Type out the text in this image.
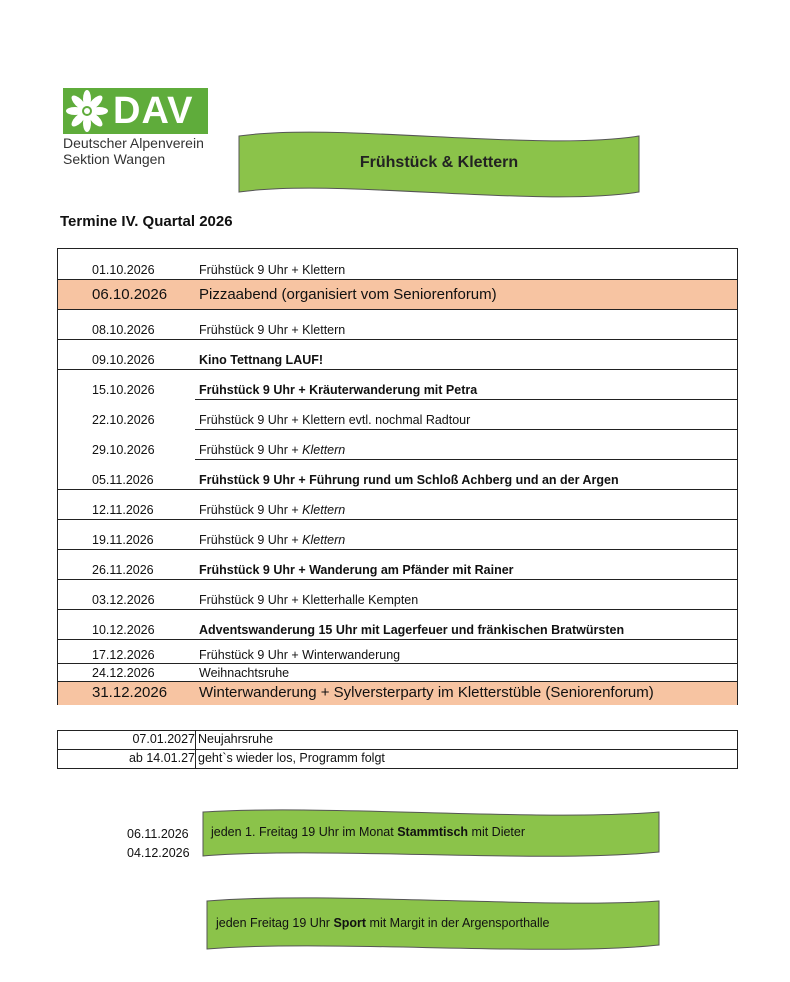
DAV
Deutscher Alpenverein
Sektion Wangen	Frühstück & Klettern
Termine IV. Quartal 2026
01.10.2026	Frühstück 9 Uhr + Klettern
06.10.2026 Pizzaabend (organisiert vom Seniorenforum)
08.10.2026	Frühstück 9 Uhr + Klettern
09.10.2026	Kino Tettnang LAUF!
15.10.2026	Frühstück 9 Uhr + Kräuterwanderung mit Petra
22.10.2026	Frühstück 9 Uhr + Klettern evtl. nochmal Radtour
29.10.2026	Frühstück 9 Uhr + Klettern
05.11.2026	Frühstück 9 Uhr + Führung rund um Schloß Achberg und an der Argen
12.11.2026	Frühstück 9 Uhr + Klettern
19.11.2026	Frühstück 9 Uhr + Klettern
26.11.2026	Frühstück 9 Uhr + Wanderung am Pfänder mit Rainer
03.12.2026	Frühstück 9 Uhr + Kletterhalle Kempten
10.12.2026	Adventswanderung 15 Uhr mit Lagerfeuer und fränkischen Bratwürsten
17.12.2026	Frühstück 9 Uhr + Winterwanderung
24.12.2026	Weihnachtsruhe
31.12.2026 Winterwanderung + Sylversterparty im Kletterstüble (Seniorenforum)
07.01.2027 Neujahrsruhe
ab 14.01.27 geht`s wieder los, Programm folgt
06.11.2026
04.12.2026
jeden 1. Freitag 19 Uhr im Monat Stammtisch mit Dieter
jeden Freitag 19 Uhr Sport mit Margit in der Argensporthalle
